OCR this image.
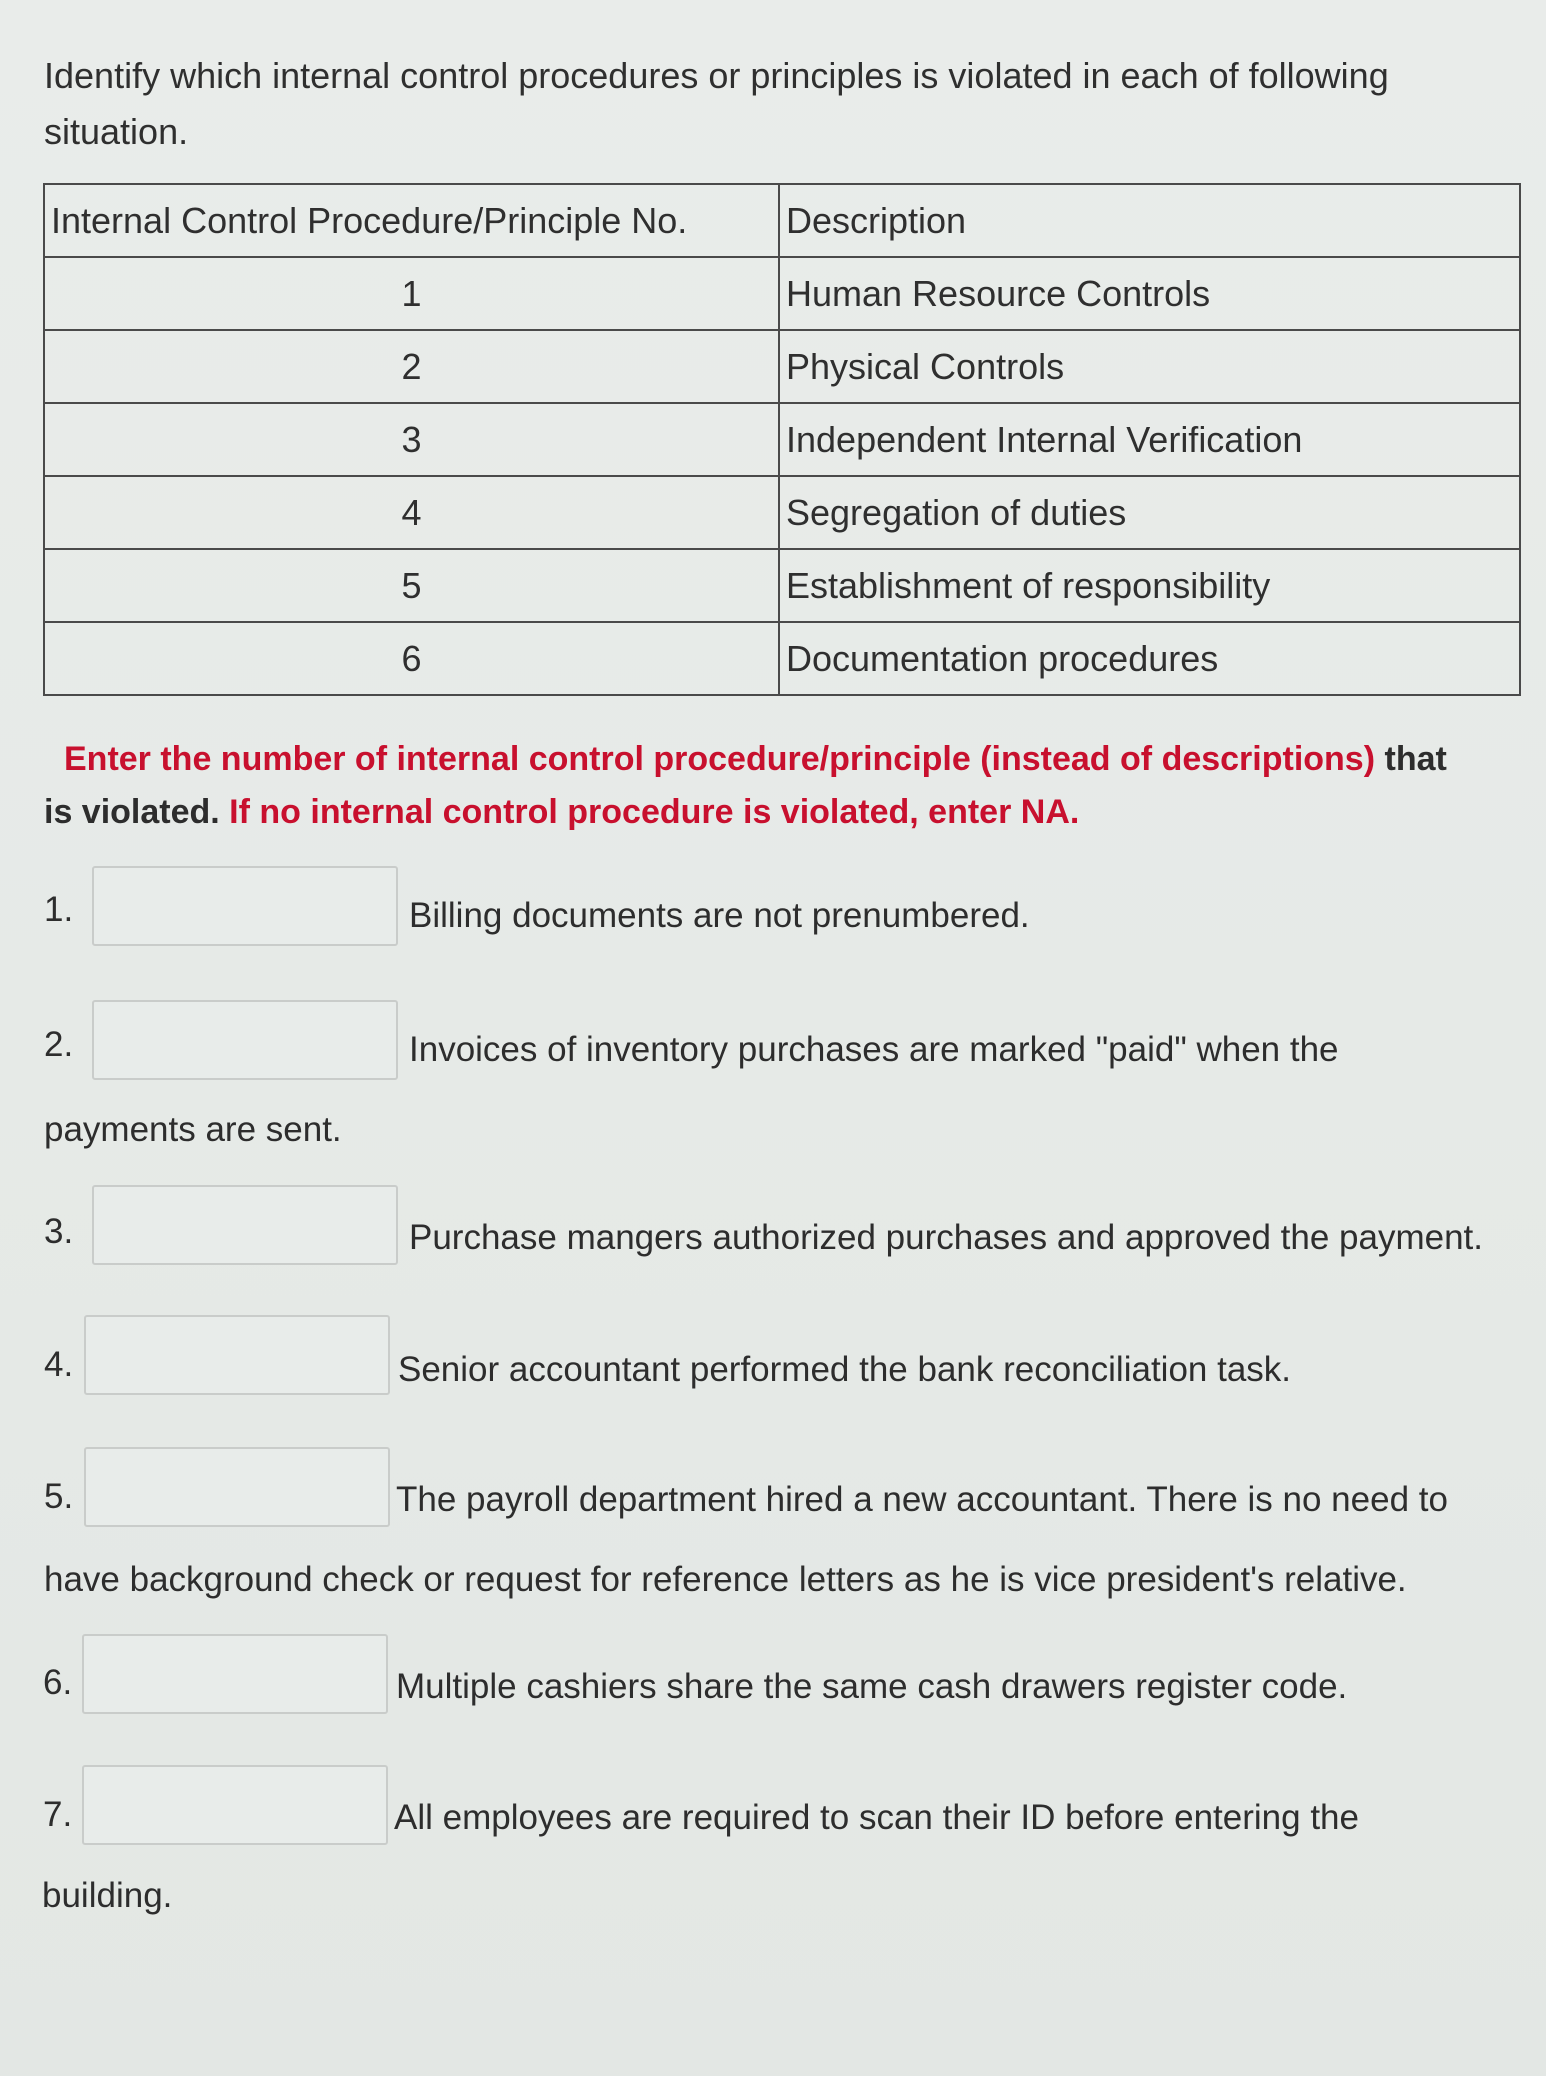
Identify which internal control procedures or principles is violated in each of following situation.
Internal Control Procedure/Principle No.	Description
1	Human Resource Controls
2	Physical Controls
3	Independent Internal Verification
4	Segregation of duties
5	Establishment of responsibility
6	Documentation procedures
Enter the number of internal control procedure/principle (instead of descriptions) that is violated. If no internal control procedure is violated, enter NA.
1.	Billing documents are not prenumbered.
2.	Invoices of inventory purchases are marked "paid" when the
payments are sent.
3.	Purchase mangers authorized purchases and approved the payment.
4.	Senior accountant performed the bank reconciliation task.
5.	The payroll department hired a new accountant. There is no need to
have background check or request for reference letters as he is vice president's relative.
6.	Multiple cashiers share the same cash drawers register code.
7.	All employees are required to scan their ID before entering the
building.
